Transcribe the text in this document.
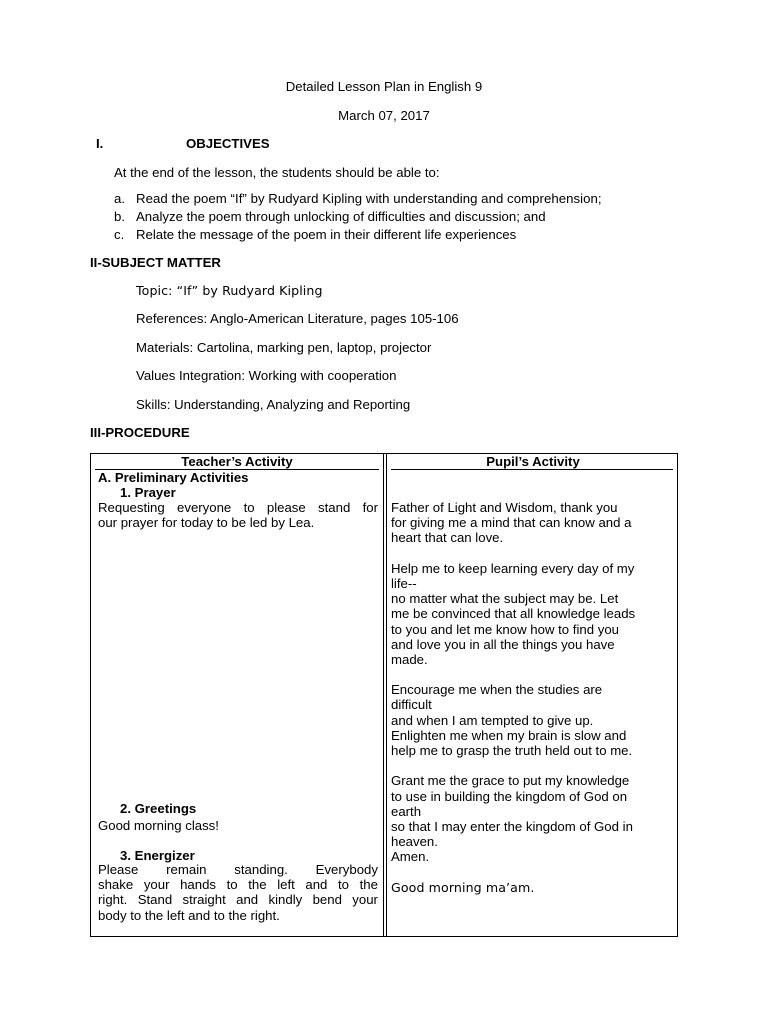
Detailed Lesson Plan in English 9
March 07, 2017
I.	OBJECTIVES
At the end of the lesson, the students should be able to:
a. Read the poem “If” by Rudyard Kipling with understanding and comprehension;
b. Analyze the poem through unlocking of difficulties and discussion; and
c. Relate the message of the poem in their different life experiences
II-SUBJECT MATTER
Topic: “If” by Rudyard Kipling
References: Anglo-American Literature, pages 105-106
Materials: Cartolina, marking pen, laptop, projector
Values Integration: Working with cooperation
Skills: Understanding, Analyzing and Reporting
III-PROCEDURE
Teacher’s Activity	Pupil’s Activity
A. Preliminary Activities
1. Prayer
Requesting everyone to please stand for
our prayer for today to be led by Lea.
Father of Light and Wisdom, thank you
for giving me a mind that can know and a
heart that can love.
Help me to keep learning every day of my
life--
no matter what the subject may be. Let
me be convinced that all knowledge leads
to you and let me know how to find you
and love you in all the things you have
made.
Encourage me when the studies are
difficult
and when I am tempted to give up.
Enlighten me when my brain is slow and
help me to grasp the truth held out to me.
Grant me the grace to put my knowledge
to use in building the kingdom of God on
earth
so that I may enter the kingdom of God in
heaven.
Amen.
Good morning ma’am.
2. Greetings
Good morning class!
3. Energizer
Please remain standing. Everybody
shake your hands to the left and to the
right. Stand straight and kindly bend your
body to the left and to the right.
